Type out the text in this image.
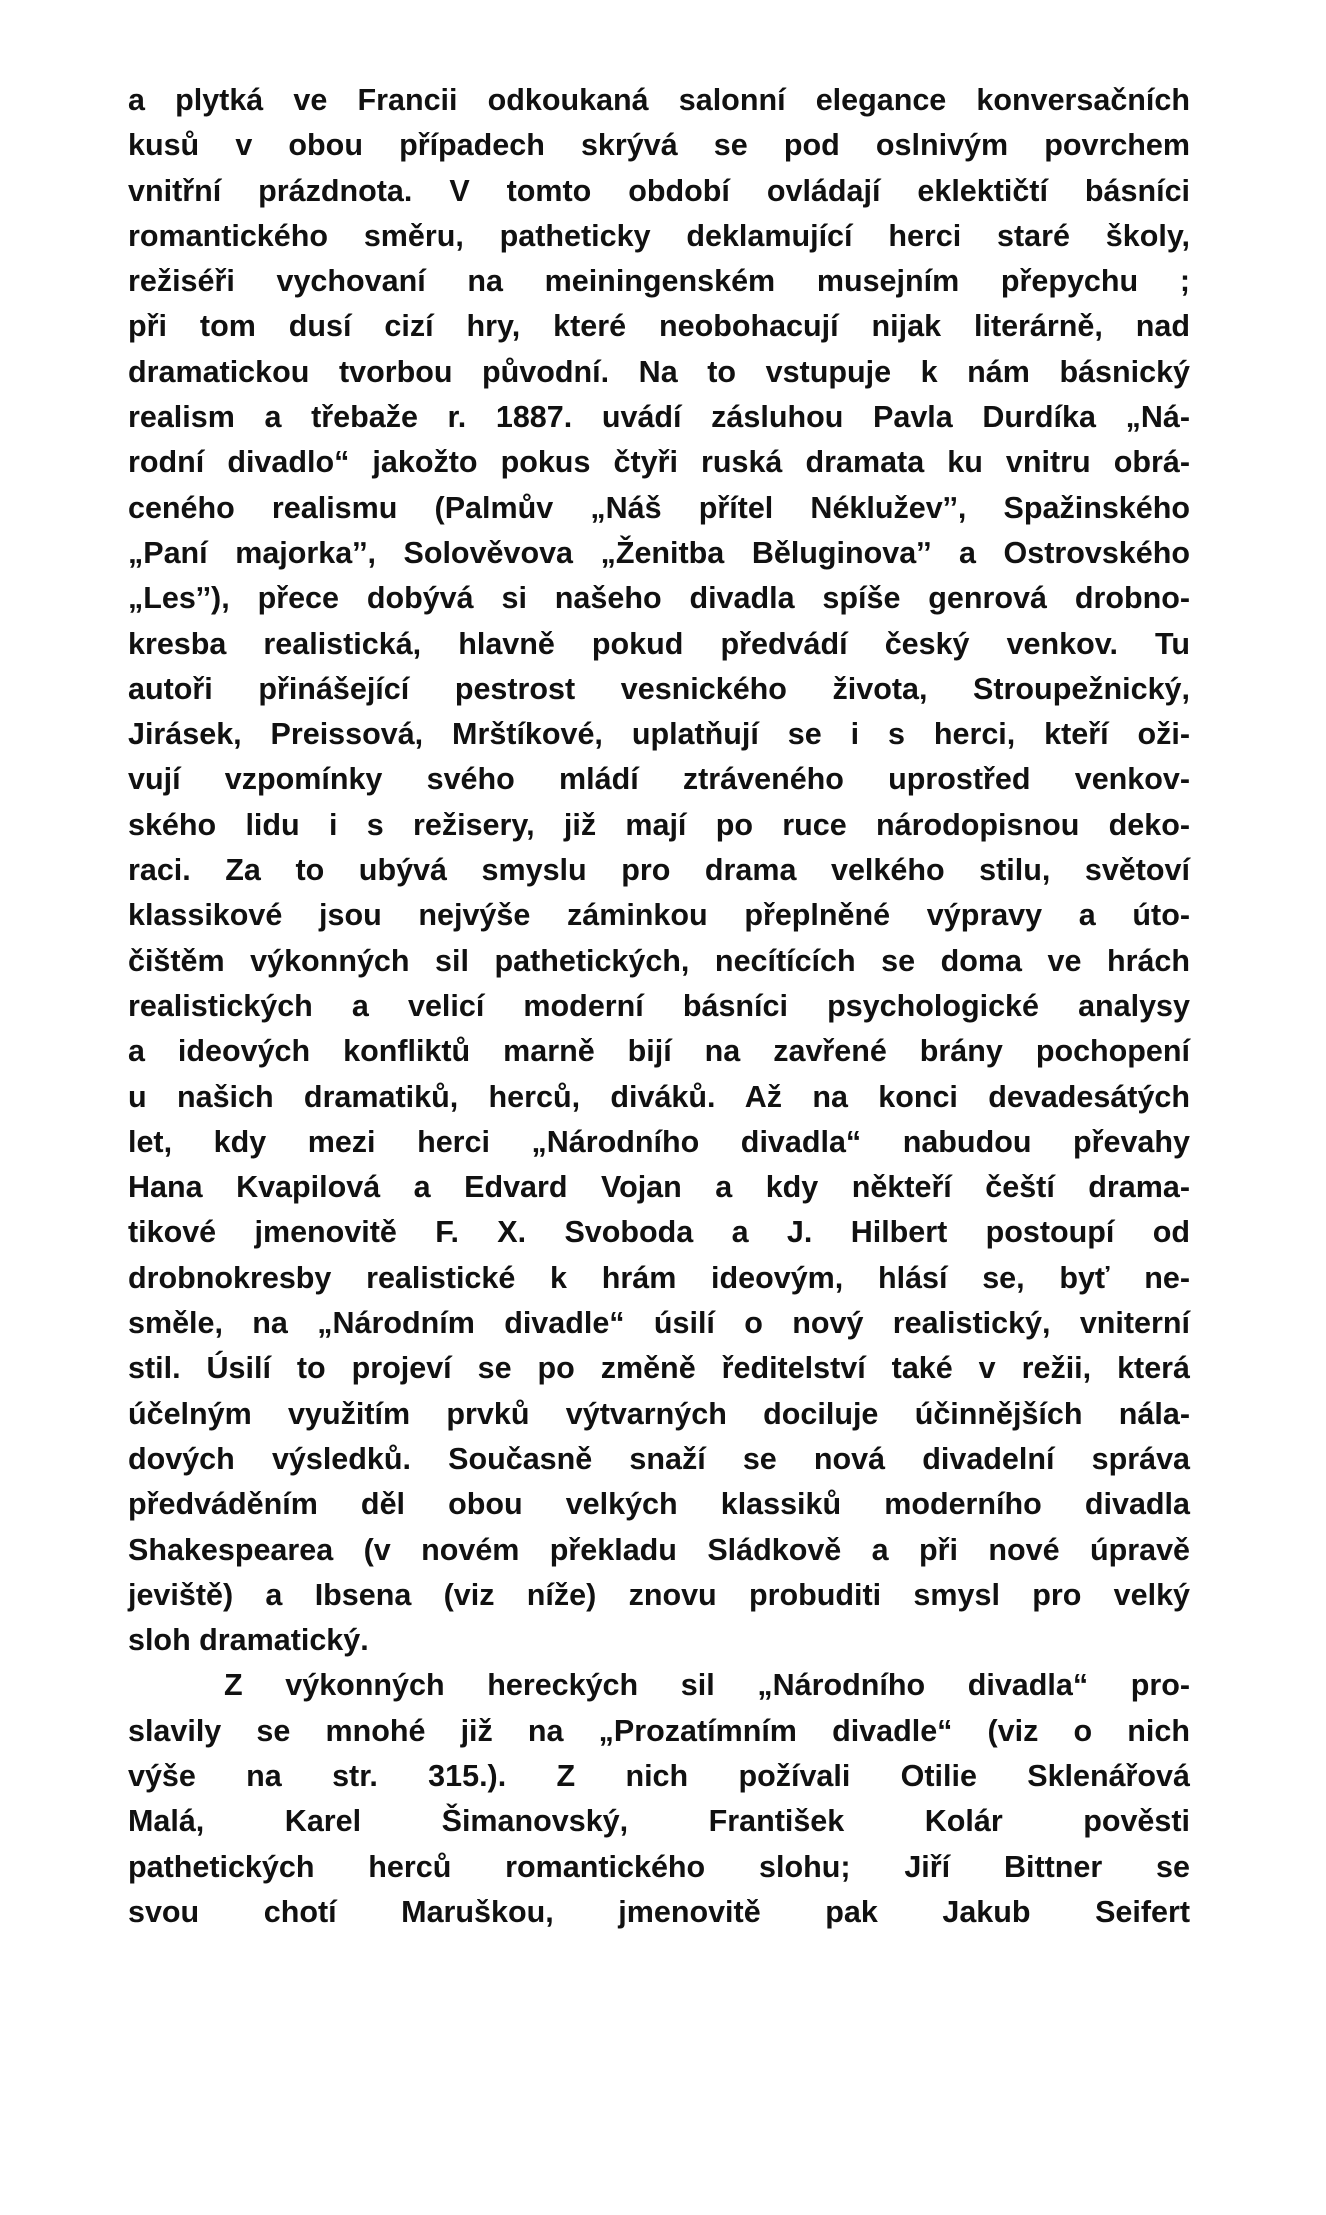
a plytká ve Francii odkoukaná salonní elegance konversačních
kusů v obou případech skrývá se pod oslnivým povrchem
vnitřní prázdnota. V tomto období ovládají eklektičtí básníci
romantického směru, patheticky deklamující herci staré školy,
režiséři vychovaní na meiningenském musejním přepychu ;
při tom dusí cizí hry, které neobohacují nijak literárně, nad
dramatickou tvorbou původní. Na to vstupuje k nám básnický
realism a třebaže r. 1887. uvádí zásluhou Pavla Durdíka „Ná-
rodní divadlo“ jakožto pokus čtyři ruská dramata ku vnitru obrá-
ceného realismu (Palmův „Náš přítel Nékluževˮ, Spažinského
„Paní majorkaˮ, Solověvova „Ženitba Běluginovaˮ a Ostrovského
„Lesˮ), přece dobývá si našeho divadla spíše genrová drobno-
kresba realistická, hlavně pokud předvádí český venkov. Tu
autoři přinášející pestrost vesnického života, Stroupežnický,
Jirásek, Preissová, Mrštíkové, uplatňují se i s herci, kteří oži-
vují vzpomínky svého mládí ztráveného uprostřed venkov-
ského lidu i s režisery, již mají po ruce národopisnou deko-
raci. Za to ubývá smyslu pro drama velkého stilu, světoví
klassikové jsou nejvýše záminkou přeplněné výpravy a úto-
čištěm výkonných sil pathetických, necítících se doma ve hrách
realistických a velicí moderní básníci psychologické analysy
a ideových konfliktů marně bijí na zavřené brány pochopení
u našich dramatiků, herců, diváků. Až na konci devadesátých
let, kdy mezi herci „Národního divadla“ nabudou převahy
Hana Kvapilová a Edvard Vojan a kdy někteří čeští drama-
tikové jmenovitě F. X. Svoboda a J. Hilbert postoupí od
drobnokresby realistické k hrám ideovým, hlásí se, byť ne-
směle, na „Národním divadle“ úsilí o nový realistický, vniterní
stil. Úsilí to projeví se po změně ředitelství také v režii, která
účelným využitím prvků výtvarných dociluje účinnějších nála-
dových výsledků. Současně snaží se nová divadelní správa
předváděním děl obou velkých klassiků moderního divadla
Shakespearea (v novém překladu Sládkově a při nové úpravě
jeviště) a Ibsena (viz níže) znovu probuditi smysl pro velký
sloh dramatický.
Z výkonných hereckých sil „Národního divadla“ pro-
slavily se mnohé již na „Prozatímním divadle“ (viz o nich
výše na str. 315.). Z nich požívali Otilie Sklenářová
Malá, Karel Šimanovský, František Kolár pověsti
pathetických herců romantického slohu; Jiří Bittner se
svou chotí Maruškou, jmenovitě pak Jakub Seifert
